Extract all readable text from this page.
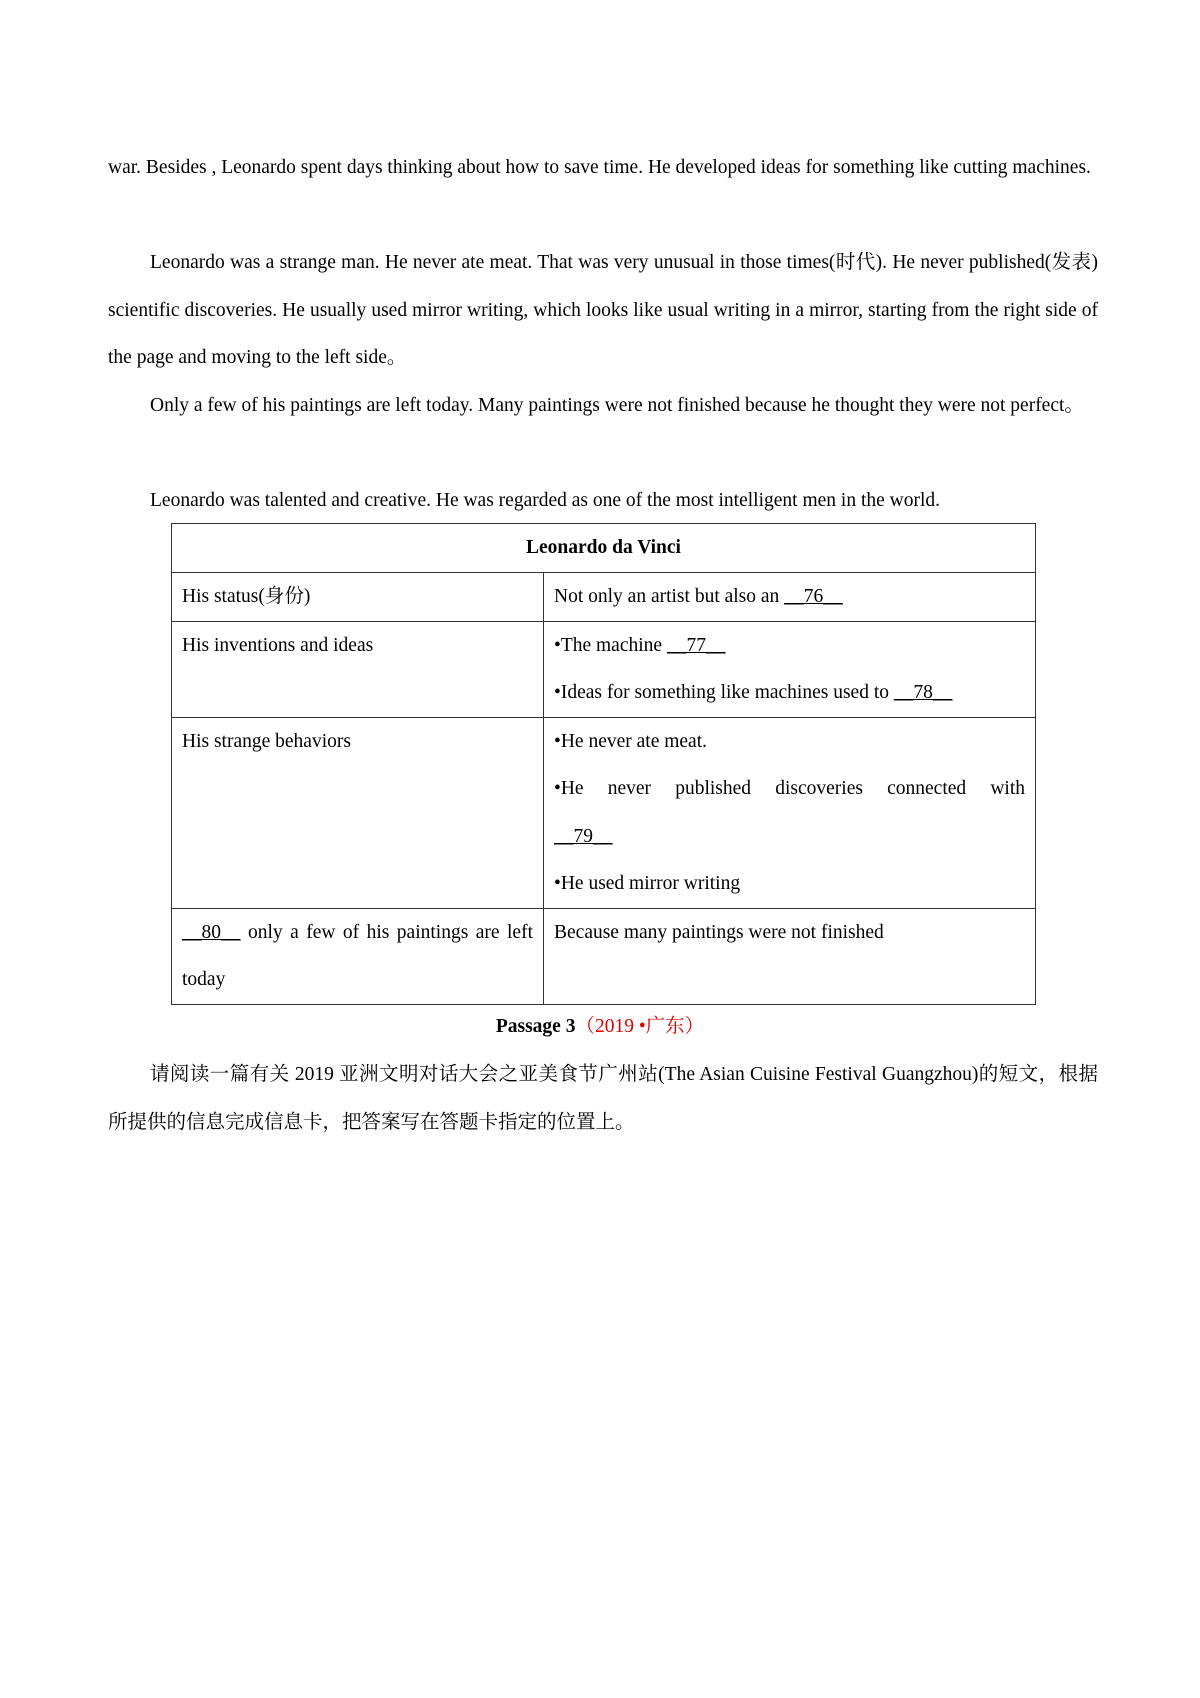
war. Besides , Leonardo spent days thinking about how to save time. He developed ideas for something like cutting machines.

Leonardo was a strange man. He never ate meat. That was very unusual in those times(时代). He never published(发表) scientific discoveries. He usually used mirror writing, which looks like usual writing in a mirror, starting from the right side of the page and moving to the left side。

Only a few of his paintings are left today. Many paintings were not finished because he thought they were not perfect。

Leonardo was talented and creative. He was regarded as one of the most intelligent men in the world.

Leonardo da Vinci	
His status(身份)	Not only an artist but also an __76__
His inventions and ideas	•The machine __77__
•Ideas for something like machines used to __78__

His strange behaviors	•He never ate meat.
•He never published discoveries connected with
__79__
•He used mirror writing

__80__ only a few of his paintings are left today	Because many paintings were not finished
Passage 3（2019 •广东）

请阅读一篇有关 2019 亚洲文明对话大会之亚美食节广州站(The Asian Cuisine Festival Guangzhou)的短文，根据所提供的信息完成信息卡，把答案写在答题卡指定的位置上。
